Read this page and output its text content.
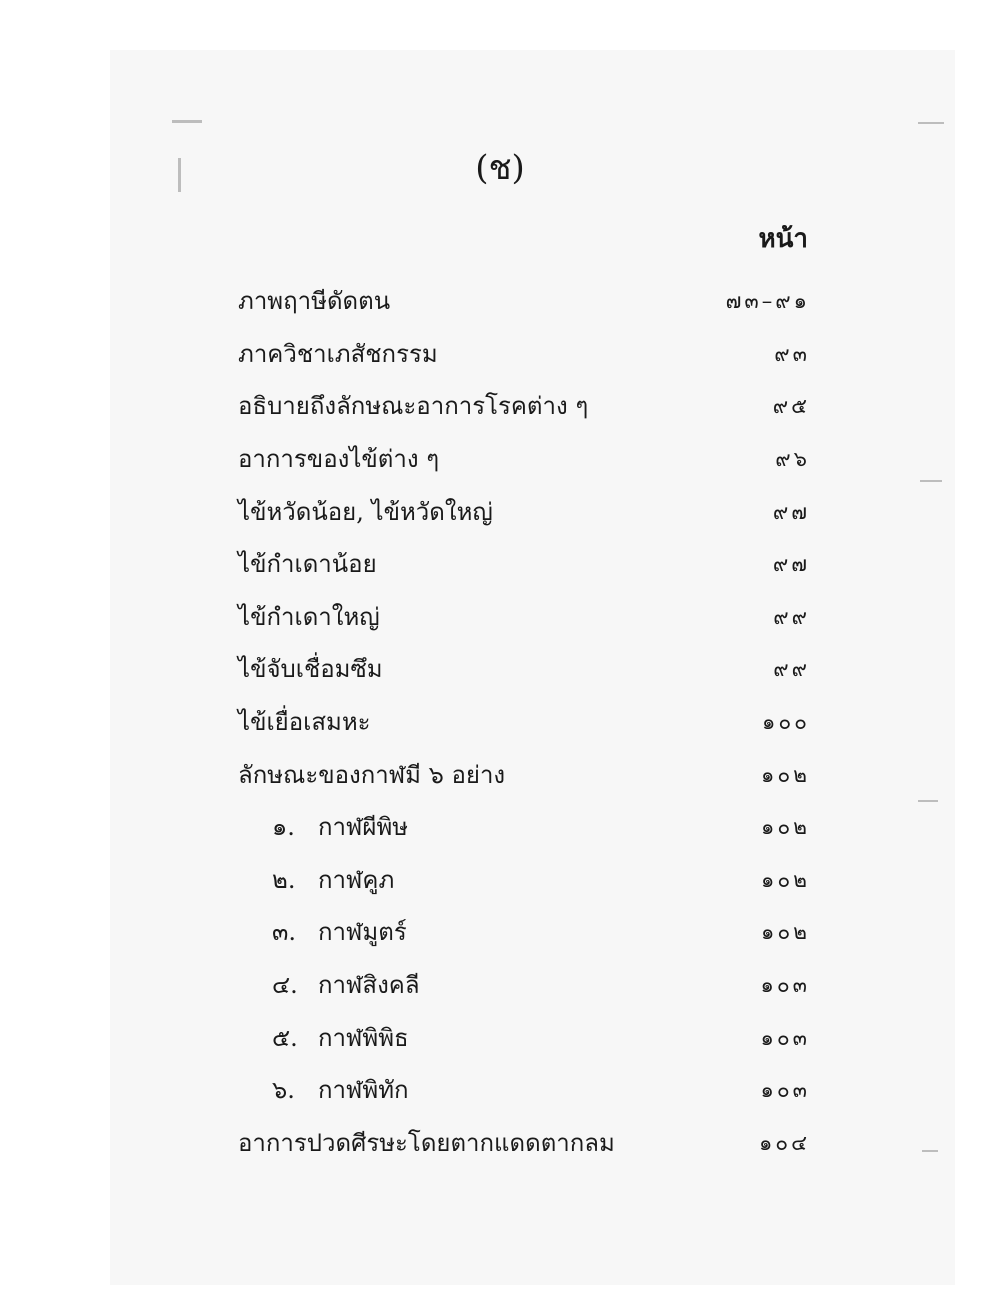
(ช)
หน้า
ภาพฤาษีดัดตน	๗๓–๙๑
ภาควิชาเภสัชกรรม	๙๓
อธิบายถึงลักษณะอาการโรคต่าง ๆ	๙๕
อาการของไข้ต่าง ๆ	๙๖
ไข้หวัดน้อย, ไข้หวัดใหญ่	๙๗
ไข้กำเดาน้อย	๙๗
ไข้กำเดาใหญ่	๙๙
ไข้จับเชื่อมซึม	๙๙
ไข้เยื่อเสมหะ	๑๐๐
ลักษณะของกาฬมี ๖ อย่าง	๑๐๒
๑. กาฬผีพิษ	๑๐๒
๒. กาฬคูภ	๑๐๒
๓. กาฬมูตร์	๑๐๒
๔. กาฬสิงคลี	๑๐๓
๕. กาฬพิพิธ	๑๐๓
๖. กาฬพิทัก	๑๐๓
อาการปวดศีรษะโดยตากแดดตากลม	๑๐๔
